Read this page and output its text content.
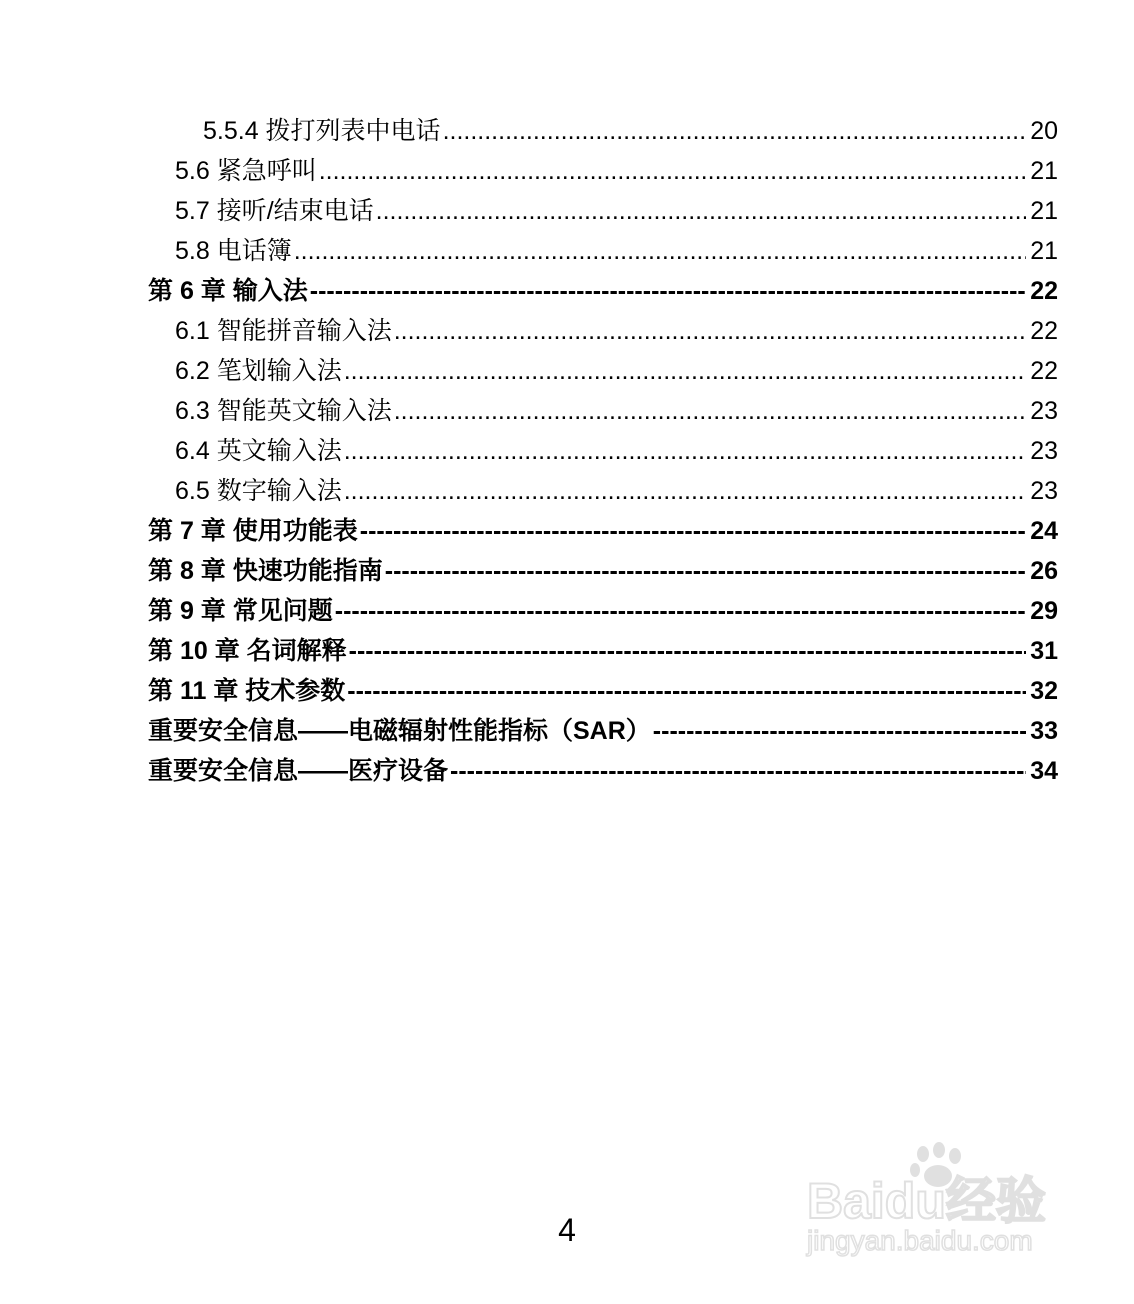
5.5.4 拨打列表中电话 .....	20
5.6 紧急呼叫 .....	21
5.7 接听/结束电话 .....	21
5.8 电话簿 .....	21
第 6 章 输入法 -----	22
6.1 智能拼音输入法 .....	22
6.2 笔划输入法 .....	22
6.3 智能英文输入法 .....	23
6.4 英文输入法 .....	23
6.5 数字输入法 .....	23
第 7 章 使用功能表 -----	24
第 8 章 快速功能指南 -----	26
第 9 章 常见问题 -----	29
第 10 章 名词解释 -----	31
第 11 章 技术参数 -----	32
重要安全信息——电磁辐射性能指标（SAR） -----	33
重要安全信息——医疗设备 -----	34
4
Baidu经验
jingyan.baidu.com
